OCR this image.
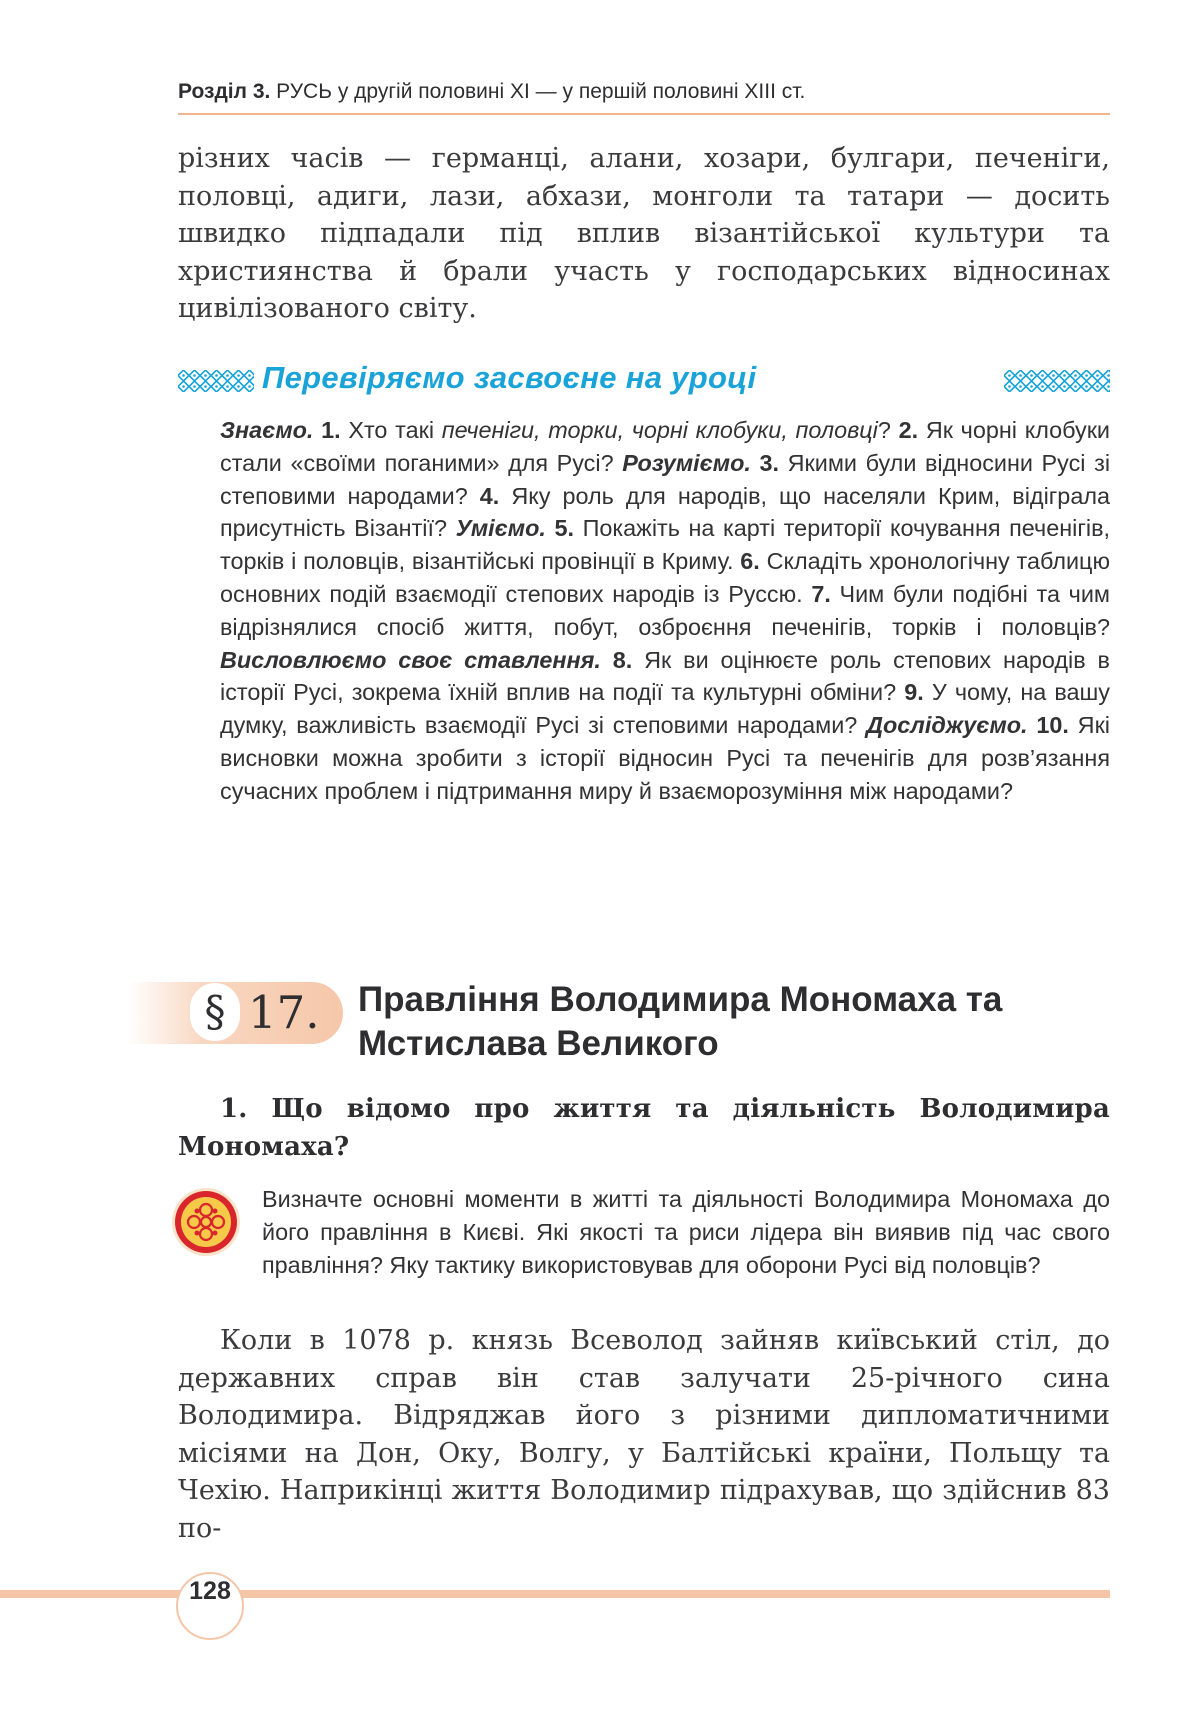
Розділ 3. РУСЬ у другій половині XI — у першій половині XIII ст.

різних часів — германці, алани, хозари, булгари, печеніги, половці, адиги, лази, абхази, монголи та татари — досить швидко підпадали під вплив візантійської культури та християнства й брали участь у господарських відносинах цивілізованого світу.

Перевіряємо засвоєне на уроці
Знаємо. 1. Хто такі печеніги, торки, чорні клобуки, половці? 2. Як чорні клобуки стали «своїми поганими» для Русі? Розуміємо. 3. Якими були відносини Русі зі степовими народами? 4. Яку роль для народів, що населяли Крим, відіграла присутність Візантії? Уміємо. 5. Покажіть на карті території кочування печенігів, торків і половців, візантійські провінції в Криму. 6. Складіть хронологічну таблицю основних подій взаємодії степових народів із Руссю. 7. Чим були подібні та чим відрізнялися спосіб життя, побут, озброєння печенігів, торків і половців? Висловлюємо своє ставлення. 8. Як ви оцінюєте роль степових народів в історії Русі, зокрема їхній вплив на події та культурні обміни? 9. У чому, на вашу думку, важливість взаємодії Русі зі степовими народами? Досліджуємо. 10. Які висновки можна зробити з історії відносин Русі та печенігів для розв’язання сучасних проблем і підтримання миру й взаєморозуміння між народами?
§ 17. Правління Володимира Мономаха та Мстислава Великого
1. Що відомо про життя та діяльність Володимира
Мономаха?
Визначте основні моменти в житті та діяльності Володимира Мономаха до його правління в Києві. Які якості та риси лідера він виявив під час свого правління? Яку тактику використовував для оборони Русі від половців?

Коли в 1078 р. князь Всеволод зайняв київський стіл, до державних справ він став залучати 25-річного сина Володимира. Відряджав його з різними дипломатичними місіями на Дон, Оку, Волгу, у Балтійські країни, Польщу та Чехію. Наприкінці життя Володимир підрахував, що здійснив 83 по-

128
